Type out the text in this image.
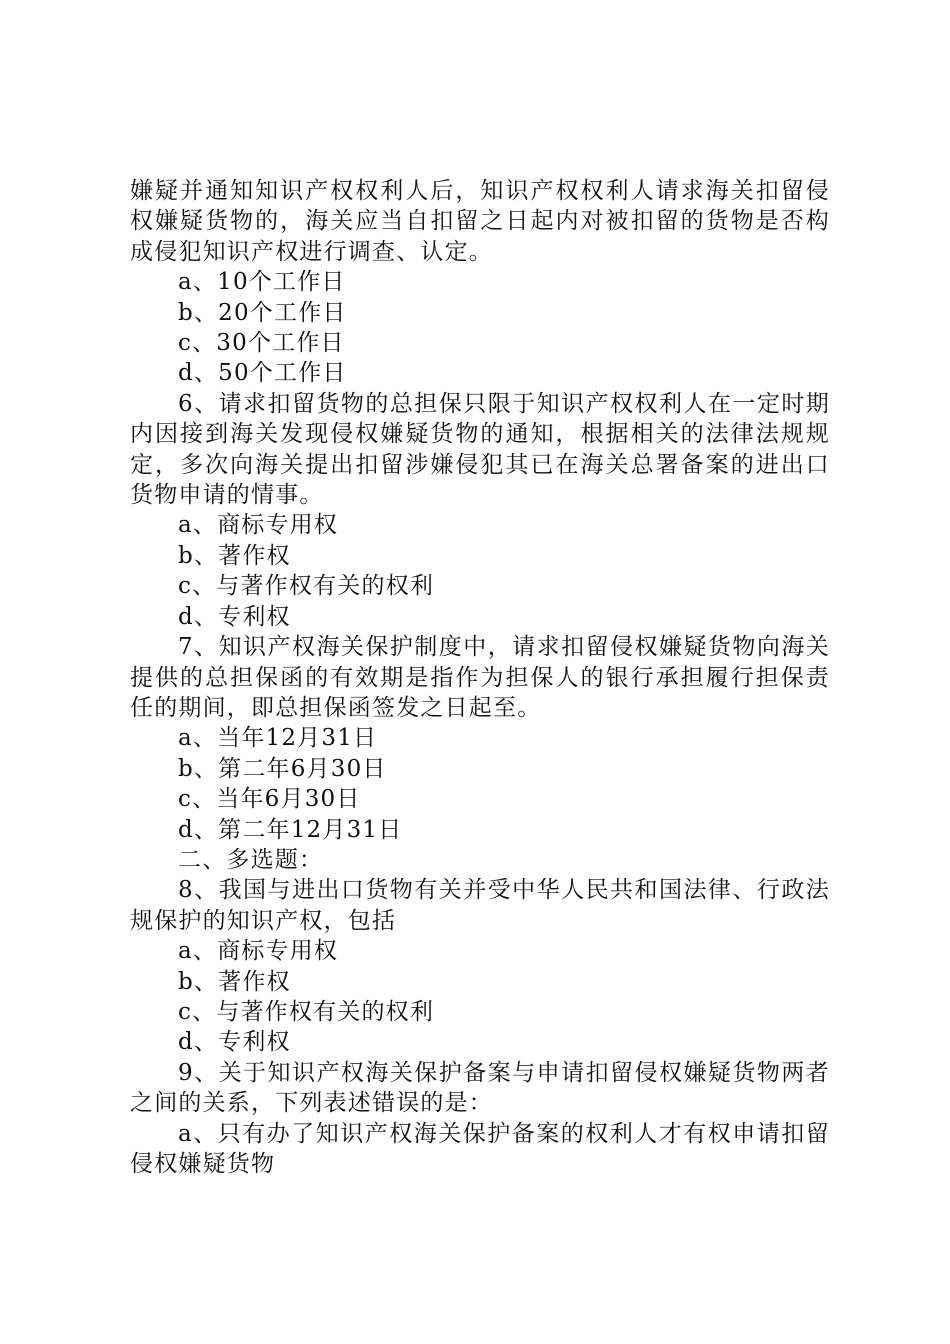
嫌疑并通知知识产权权利人后，知识产权权利人请求海关扣留侵权嫌疑货物的，海关应当自扣留之日起内对被扣留的货物是否构成侵犯知识产权进行调查、认定。

a、10个工作日

b、20个工作日

c、30个工作日

d、50个工作日

6、请求扣留货物的总担保只限于知识产权权利人在一定时期内因接到海关发现侵权嫌疑货物的通知，根据相关的法律法规规定，多次向海关提出扣留涉嫌侵犯其已在海关总署备案的进出口货物申请的情事。

a、商标专用权

b、著作权

c、与著作权有关的权利

d、专利权

7、知识产权海关保护制度中，请求扣留侵权嫌疑货物向海关提供的总担保函的有效期是指作为担保人的银行承担履行担保责任的期间，即总担保函签发之日起至。

a、当年12月31日

b、第二年6月30日

c、当年6月30日

d、第二年12月31日

二、多选题：

8、我国与进出口货物有关并受中华人民共和国法律、行政法规保护的知识产权，包括

a、商标专用权

b、著作权

c、与著作权有关的权利

d、专利权

9、关于知识产权海关保护备案与申请扣留侵权嫌疑货物两者之间的关系，下列表述错误的是：

a、只有办了知识产权海关保护备案的权利人才有权申请扣留侵权嫌疑货物
